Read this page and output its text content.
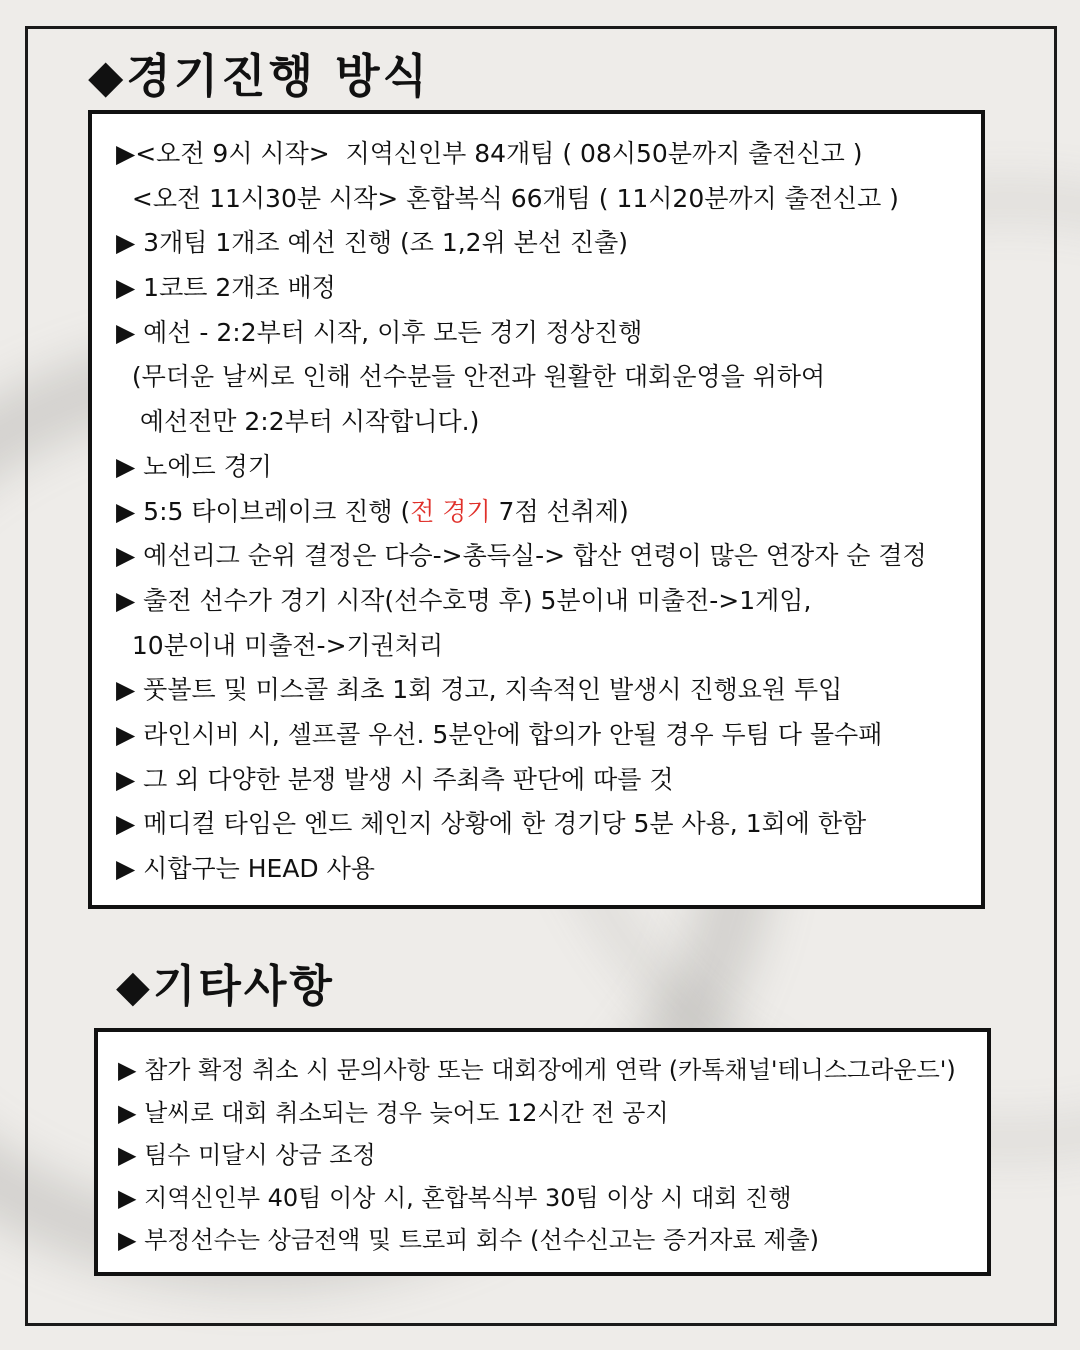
◆경기진행 방식
▶<오전 9시 시작>  지역신인부 84개팀 ( 08시50분까지 출전신고 )
<오전 11시30분 시작> 혼합복식 66개팀 ( 11시20분까지 출전신고 )
▶ 3개팀 1개조 예선 진행 (조 1,2위 본선 진출)
▶ 1코트 2개조 배정
▶ 예선 - 2:2부터 시작, 이후 모든 경기 정상진행
(무더운 날씨로 인해 선수분들 안전과 원활한 대회운영을 위하여
예선전만 2:2부터 시작합니다.)
▶ 노에드 경기
▶ 5:5 타이브레이크 진행 (전 경기 7점 선취제)
▶ 예선리그 순위 결정은 다승->총득실-> 합산 연령이 많은 연장자 순 결정
▶ 출전 선수가 경기 시작(선수호명 후) 5분이내 미출전->1게임,
10분이내 미출전->기권처리
▶ 풋볼트 및 미스콜 최초 1회 경고, 지속적인 발생시 진행요원 투입
▶ 라인시비 시, 셀프콜 우선. 5분안에 합의가 안될 경우 두팀 다 몰수패
▶ 그 외 다양한 분쟁 발생 시 주최측 판단에 따를 것
▶ 메디컬 타임은 엔드 체인지 상황에 한 경기당 5분 사용, 1회에 한함
▶ 시합구는 HEAD 사용
◆기타사항
▶ 참가 확정 취소 시 문의사항 또는 대회장에게 연락 (카톡채널'테니스그라운드')
▶ 날씨로 대회 취소되는 경우 늦어도 12시간 전 공지
▶ 팀수 미달시 상금 조정
▶ 지역신인부 40팀 이상 시, 혼합복식부 30팀 이상 시 대회 진행
▶ 부정선수는 상금전액 및 트로피 회수 (선수신고는 증거자료 제출)
